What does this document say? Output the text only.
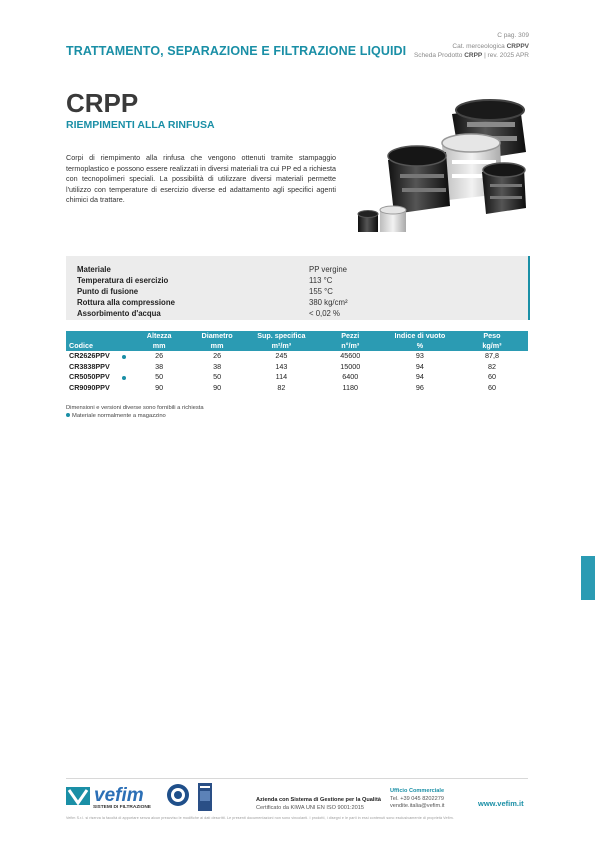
TRATTAMENTO, SEPARAZIONE E FILTRAZIONE LIQUIDI
C pag. 309
Cat. merceologica CRPPV
Scheda Prodotto CRPP | rev. 2025 APR
CRPP
RIEMPIMENTI ALLA RINFUSA
Corpi di riempimento alla rinfusa che vengono ottenuti tramite stampaggio termoplastico e possono essere realizzati in diversi materiali tra cui PP ed a richiesta con tecnopolimeri speciali. La possibilità di utilizzare diversi materiali permette l'utilizzo con temperature di esercizio diverse ed adattamento agli specifici agenti chimici da trattare.
Materiale	PP vergine
Temperatura di esercizio	113 °C
Punto di fusione	155 °C
Rottura alla compressione	380 kg/cm²
Assorbimento d'acqua	< 0,02 %
	Altezza	Diametro	Sup. specifica	Pezzi	Indice di vuoto	Peso
Codice	mm	mm	m²/m³	n°/m³	%	kg/m³
CR2626PPV	26	26	245	45600	93	87,8
CR3838PPV	38	38	143	15000	94	82
CR5050PPV	50	50	114	6400	94	60
CR9090PPV	90	90	82	1180	96	60
Dimensioni e versioni diverse sono fornibili a richiesta
Materiale normalmente a magazzino
vefim
SISTEMI DI FILTRAZIONE
Azienda con Sistema di Gestione per la Qualità
Certificato da KIWA UNI EN ISO 9001:2015
Ufficio Commerciale
Tel. +39 045 8202279
vendite.italia@vefim.it	www.vefim.it
Vefim S.r.l. si riserva la facoltà di apportare senza alcun preavviso le modifiche ai dati descritti. Le presenti documentazioni non sono vincolanti. I prodotti, i disegni e le parti in essi contenuti sono esclusivamente di proprietà Vefim.
